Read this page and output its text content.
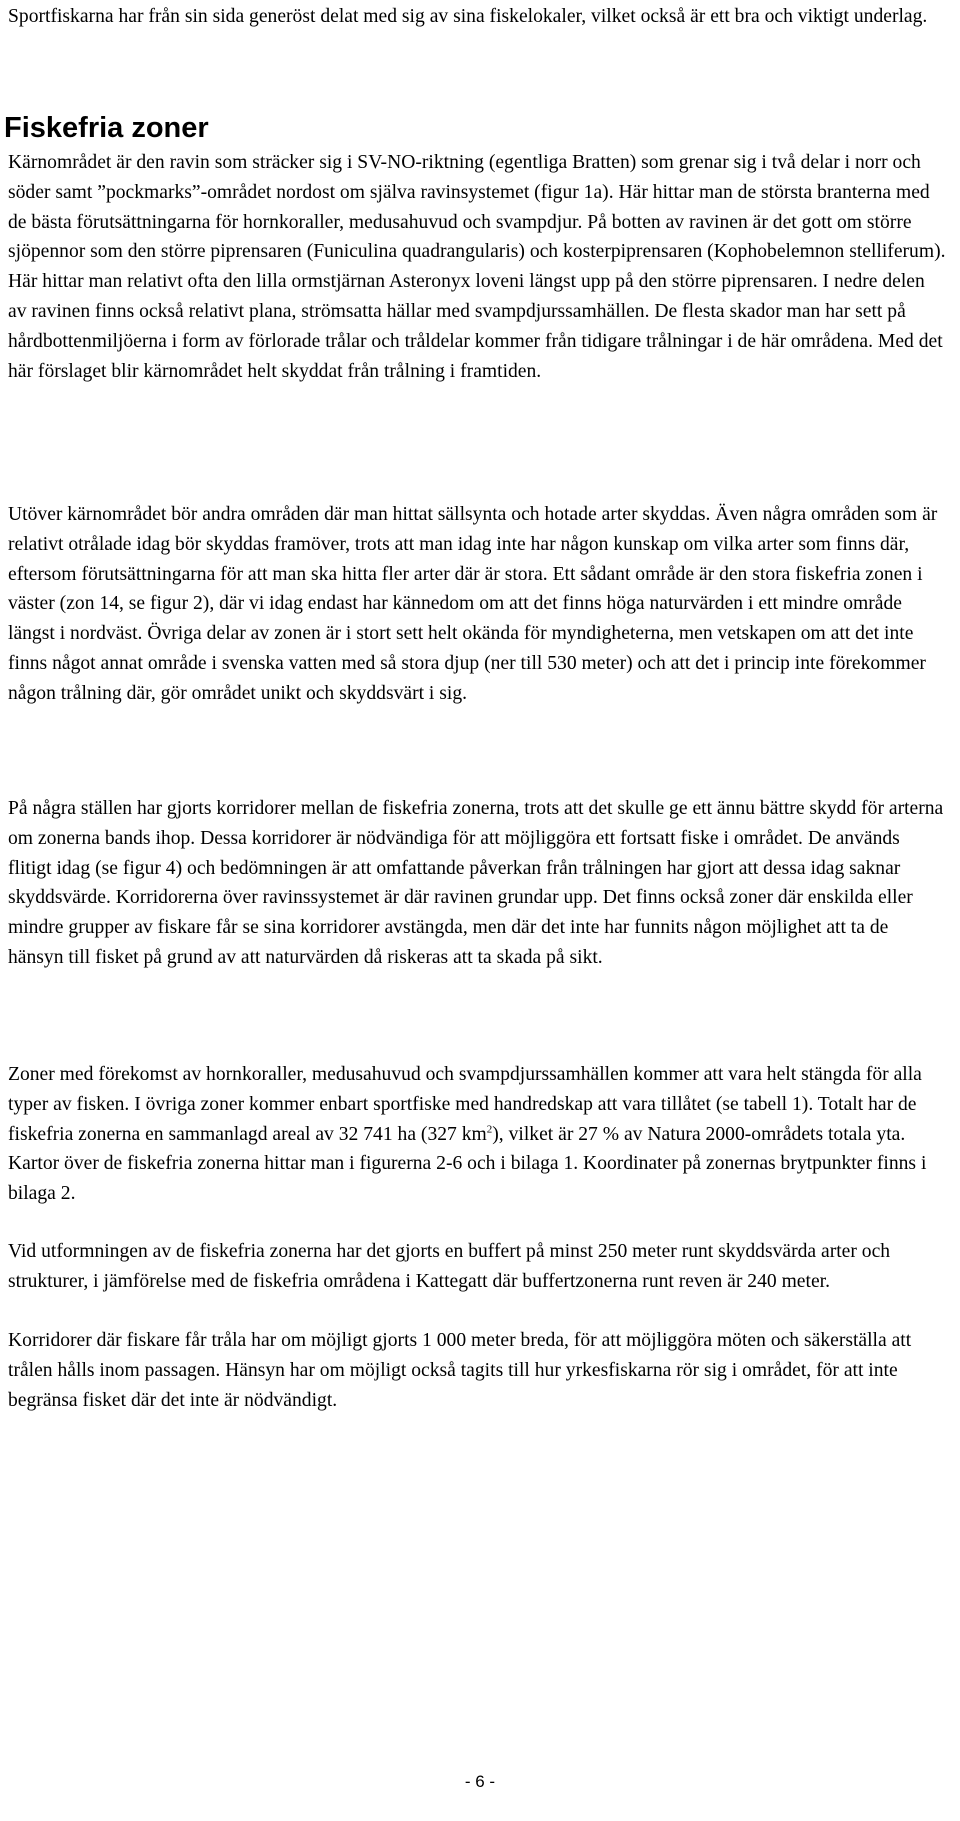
Sportfiskarna har från sin sida generöst delat med sig av sina fiskelokaler, vilket också är ett bra och viktigt underlag.

Fiskefria zoner

Kärnområdet är den ravin som sträcker sig i SV-NO-riktning (egentliga Bratten) som grenar sig i två delar i norr och söder samt ”pockmarks”-området nordost om själva ravinsystemet (figur 1a). Här hittar man de största branterna med de bästa förutsättningarna för hornkoraller, medusahuvud och svampdjur. På botten av ravinen är det gott om större sjöpennor som den större piprensaren (Funiculina quadrangularis) och kosterpiprensaren (Kophobelemnon stelliferum). Här hittar man relativt ofta den lilla ormstjärnan Asteronyx loveni längst upp på den större piprensaren. I nedre delen av ravinen finns också relativt plana, strömsatta hällar med svampdjurssamhällen. De flesta skador man har sett på hårdbottenmiljöerna i form av förlorade trålar och tråldelar kommer från tidigare trålningar i de här områdena. Med det här förslaget blir kärnområdet helt skyddat från trålning i framtiden.

Utöver kärnområdet bör andra områden där man hittat sällsynta och hotade arter skyddas. Även några områden som är relativt otrålade idag bör skyddas framöver, trots att man idag inte har någon kunskap om vilka arter som finns där, eftersom förutsättningarna för att man ska hitta fler arter där är stora. Ett sådant område är den stora fiskefria zonen i väster (zon 14, se figur 2), där vi idag endast har kännedom om att det finns höga naturvärden i ett mindre område längst i nordväst. Övriga delar av zonen är i stort sett helt okända för myndigheterna, men vetskapen om att det inte finns något annat område i svenska vatten med så stora djup (ner till 530 meter) och att det i princip inte förekommer någon trålning där, gör området unikt och skyddsvärt i sig.

På några ställen har gjorts korridorer mellan de fiskefria zonerna, trots att det skulle ge ett ännu bättre skydd för arterna om zonerna bands ihop. Dessa korridorer är nödvändiga för att möjliggöra ett fortsatt fiske i området. De används flitigt idag (se figur 4) och bedömningen är att omfattande påverkan från trålningen har gjort att dessa idag saknar skyddsvärde. Korridorerna över ravinssystemet är där ravinen grundar upp. Det finns också zoner där enskilda eller mindre grupper av fiskare får se sina korridorer avstängda, men där det inte har funnits någon möjlighet att ta de hänsyn till fisket på grund av att naturvärden då riskeras att ta skada på sikt.

Zoner med förekomst av hornkoraller, medusahuvud och svampdjurssamhällen kommer att vara helt stängda för alla typer av fisken. I övriga zoner kommer enbart sportfiske med handredskap att vara tillåtet (se tabell 1). Totalt har de fiskefria zonerna en sammanlagd areal av 32 741 ha (327 $km^2$), vilket är 27 % av Natura 2000-områdets totala yta. Kartor över de fiskefria zonerna hittar man i figurerna 2-6 och i bilaga 1. Koordinater på zonernas brytpunkter finns i bilaga 2.

Vid utformningen av de fiskefria zonerna har det gjorts en buffert på minst 250 meter runt skyddsvärda arter och strukturer, i jämförelse med de fiskefria områdena i Kattegatt där buffertzonerna runt reven är 240 meter.

Korridorer där fiskare får tråla har om möjligt gjorts 1 000 meter breda, för att möjliggöra möten och säkerställa att trålen hålls inom passagen. Hänsyn har om möjligt också tagits till hur yrkesfiskarna rör sig i området, för att inte begränsa fisket där det inte är nödvändigt.

- 6 -
